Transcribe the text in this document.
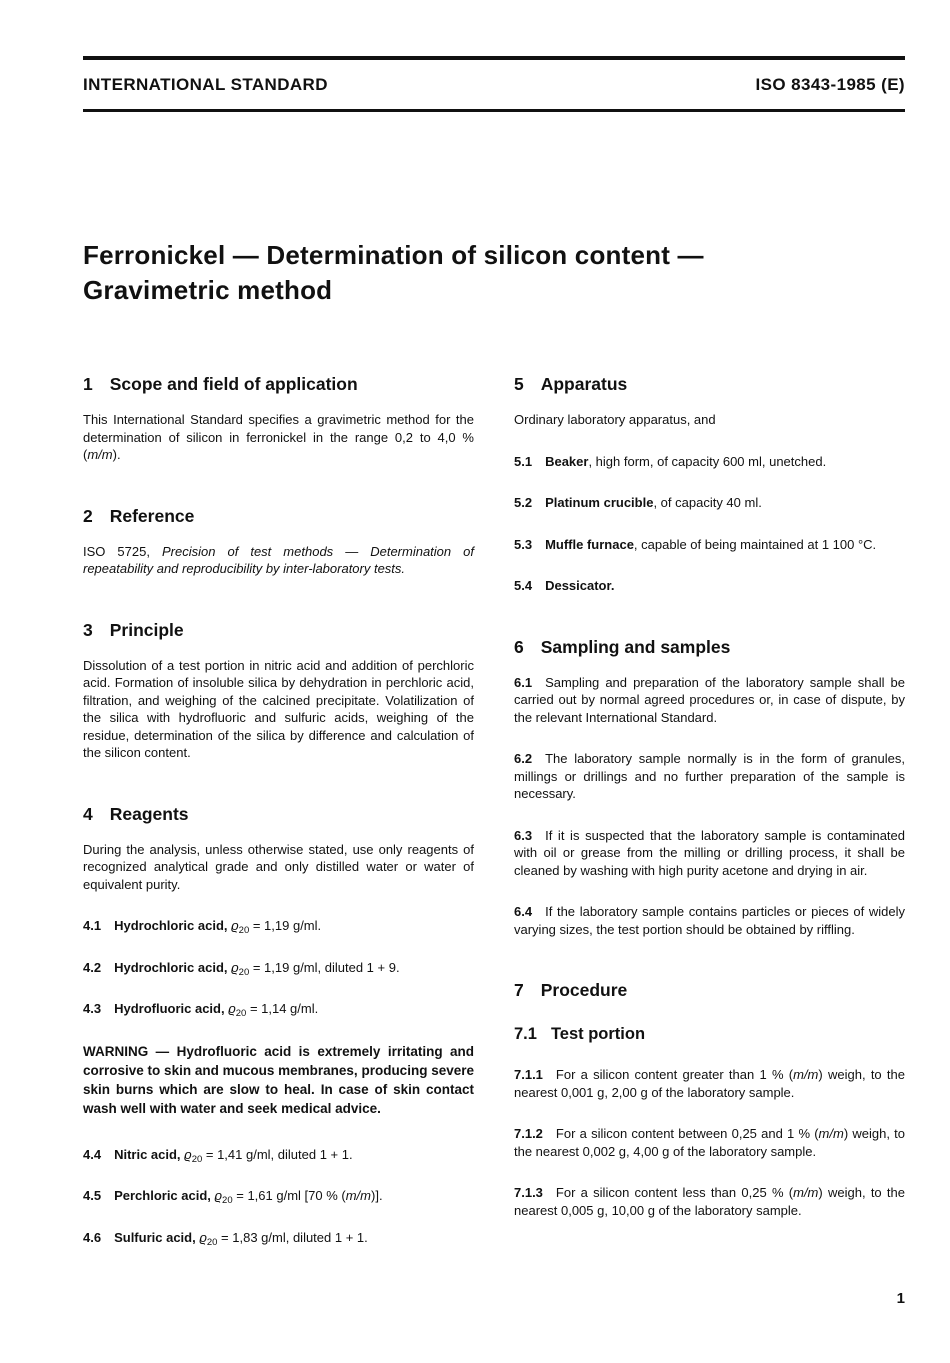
INTERNATIONAL STANDARD	ISO 8343-1985 (E)
Ferronickel — Determination of silicon content —
Gravimetric method
1 Scope and field of application

This International Standard specifies a gravimetric method for the determination of silicon in ferronickel in the range 0,2 to 4,0 % (m/m).

2 Reference

ISO 5725, Precision of test methods — Determination of repeatability and reproducibility by inter-laboratory tests.

3 Principle

Dissolution of a test portion in nitric acid and addition of perchloric acid. Formation of insoluble silica by dehydration in perchloric acid, filtration, and weighing of the calcined precipitate. Volatilization of the silica with hydrofluoric and sulfuric acids, weighing of the residue, determination of the silica by difference and calculation of the silicon content.

4 Reagents

During the analysis, unless otherwise stated, use only reagents of recognized analytical grade and only distilled water or water of equivalent purity.

4.1 Hydrochloric acid, $ϱ_{20} = 1,19$ g/ml.

4.2 Hydrochloric acid, $ϱ_{20} = 1,19$ g/ml, diluted 1 + 9.

4.3 Hydrofluoric acid, $ϱ_{20} = 1,14$ g/ml.

WARNING — Hydrofluoric acid is extremely irritating and corrosive to skin and mucous membranes, producing severe skin burns which are slow to heal. In case of skin contact wash well with water and seek medical advice.

4.4 Nitric acid, $ϱ_{20} = 1,41$ g/ml, diluted 1 + 1.

4.5 Perchloric acid, $ϱ_{20} = 1,61$ g/ml [70 % (m/m)].

4.6 Sulfuric acid, $ϱ_{20} = 1,83$ g/ml, diluted 1 + 1.

5 Apparatus

Ordinary laboratory apparatus, and

5.1 Beaker, high form, of capacity 600 ml, unetched.

5.2 Platinum crucible, of capacity 40 ml.

5.3 Muffle furnace, capable of being maintained at 1 100 °C.

5.4 Dessicator.

6 Sampling and samples

6.1 Sampling and preparation of the laboratory sample shall be carried out by normal agreed procedures or, in case of dispute, by the relevant International Standard.

6.2 The laboratory sample normally is in the form of granules, millings or drillings and no further preparation of the sample is necessary.

6.3 If it is suspected that the laboratory sample is contaminated with oil or grease from the milling or drilling process, it shall be cleaned by washing with high purity acetone and drying in air.

6.4 If the laboratory sample contains particles or pieces of widely varying sizes, the test portion should be obtained by riffling.

7 Procedure
7.1 Test portion

7.1.1 For a silicon content greater than 1 % (m/m) weigh, to the nearest 0,001 g, 2,00 g of the laboratory sample.

7.1.2 For a silicon content between 0,25 and 1 % (m/m) weigh, to the nearest 0,002 g, 4,00 g of the laboratory sample.

7.1.3 For a silicon content less than 0,25 % (m/m) weigh, to the nearest 0,005 g, 10,00 g of the laboratory sample.

1
